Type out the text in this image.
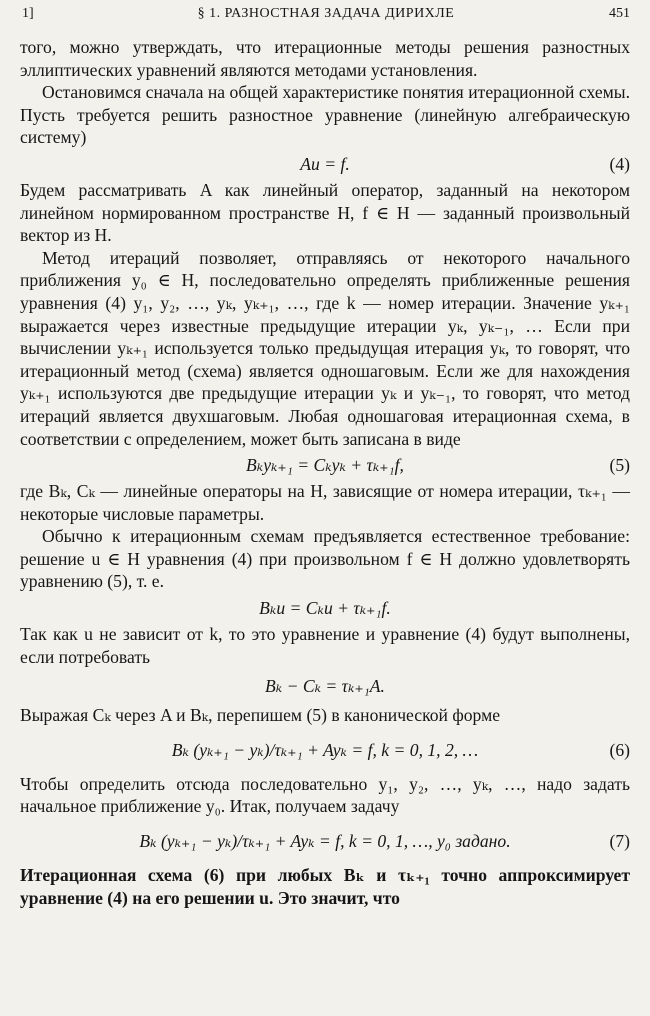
1]	§ 1. РАЗНОСТНАЯ ЗАДАЧА ДИРИХЛЕ	451

того, можно утверждать, что итерационные методы решения разностных эллиптических уравнений являются методами установления.

Остановимся сначала на общей характеристике понятия итерационной схемы. Пусть требуется решить разностное уравнение (линейную алгебраическую систему)

Au = f.	(4)

Будем рассматривать A как линейный оператор, заданный на некотором линейном нормированном пространстве H, f ∈ H — заданный произвольный вектор из H.

Метод итераций позволяет, отправляясь от некоторого начального приближения y₀ ∈ H, последовательно определять приближенные решения уравнения (4) y₁, y₂, …, yₖ, yₖ₊₁, …, где k — номер итерации. Значение yₖ₊₁ выражается через известные предыдущие итерации yₖ, yₖ₋₁, … Если при вычислении yₖ₊₁ используется только предыдущая итерация yₖ, то говорят, что итерационный метод (схема) является одношаговым. Если же для нахождения yₖ₊₁ используются две предыдущие итерации yₖ и yₖ₋₁, то говорят, что метод итераций является двухшаговым. Любая одношаговая итерационная схема, в соответствии с определением, может быть записана в виде

Bₖyₖ₊₁ = Cₖyₖ + τₖ₊₁f,	(5)

где Bₖ, Cₖ — линейные операторы на H, зависящие от номера итерации, τₖ₊₁ — некоторые числовые параметры.

Обычно к итерационным схемам предъявляется естественное требование: решение u ∈ H уравнения (4) при произвольном f ∈ H должно удовлетворять уравнению (5), т. е.

Bₖu = Cₖu + τₖ₊₁f.

Так как u не зависит от k, то это уравнение и уравнение (4) будут выполнены, если потребовать

Bₖ − Cₖ = τₖ₊₁A.

Выражая Cₖ через A и Bₖ, перепишем (5) в канонической форме

Bₖ (yₖ₊₁ − yₖ)/τₖ₊₁ + Ayₖ = f, k = 0, 1, 2, …	(6)

Чтобы определить отсюда последовательно y₁, y₂, …, yₖ, …, надо задать начальное приближение y₀. Итак, получаем задачу

Bₖ (yₖ₊₁ − yₖ)/τₖ₊₁ + Ayₖ = f, k = 0, 1, …, y₀ задано.	(7)

Итерационная схема (6) при любых Bₖ и τₖ₊₁ точно аппроксимирует уравнение (4) на его решении u. Это значит, что
